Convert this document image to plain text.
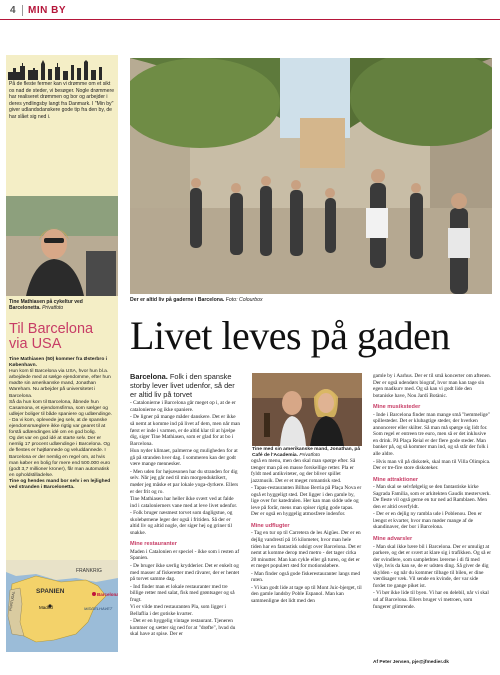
4 MIN BY
På de fleste fermer kan vi drømme om et sikt os nad de steder, vi besøger. Nogle drømmere har realiseret drømmen og bor og arbejder i deres yndlingsby langt fra Danmark. I "Min by" giver udlandsdanskere gode tip fra den by, de har slået sig ned i.
Tine Mathiasen på cykeltur ved Barcelonetta. Privatfoto
Til Barcelona via USA

Tine Mathiasen (50) kommer fra Østerbro i København.

Hun kom til Barcelona via USA, hvor hun bl.a. arbejdede med at sælge ejendomme, efter hun mødte sin amerikanske mand, Jonathan Wareham. Nu arbejder på universitetet i Barcelona.

Så da hun kom til Barcelona, åbnede hun Casamona, et ejendomsfirma, som sælger og udlejer boliger til både spaniere og udlændinge.

- Da vi kom, oplevede jeg selv, at de spanske ejendomsmæglere ikke rigtig var gearet til at forstå udlændinges idé om en god bolig.

Og det var en god idé at starte selv. Der er nemlig 17 procent udlændinge i Barcelona. Og de flestes er højtlønnede og veluddannede. I Barcelona er der nemlig en regel om, at hvis man køber en bolig for mere end 500.000 euro (godt 3,7 millioner kroner), får man automatisk en opholdstilladelse.

Tine og hendes mand bor selv i en lejlighed ved stranden i Barcelonetta.

SPANIEN
FRANKRIG
PORTUGAL	Madrid
Barcelona
MIDDELHAVET
Der er altid liv på gaderne i Barcelona. Foto: Colourbox
Livet leves på gaden

Barcelona. Folk i den spanske storby lever livet udenfor, så der er altid liv på torvet

- Catalonierne i Barcelona går meget op i, at de er catalonierne og ikke spaniere.

- De ligner på mange måder danskere. Det er ikke så nemt at komme ind på livet af dem, men når man først er inde i varmen, er de altid klar til at hjælpe dig, siger Tine Mathiasen, som er glad for at bo i Barcelona.

Hun nyder klimaet, palmerne og muligheden for at gå på stranden hver dag. I sommeren kan der godt være mange mennesker.

- Men uden for højsæsonen har du stranden for dig selv. Når jeg går ned til min morgenduktikert, møder jeg måske et par lokale yoga-dyrkere. Ellers er der frit og ro.

Tine Mathiasen har heller ikke svært ved at falde ind i catalonierners vane med at leve livet udenfor.

- Folk bruger næsmest torvet som dagligstue, og skolebørnene leger der også i fritiden. Så der er altid liv og altid nogle, der siger hej og griner til snakke.

Mine restauranter

Maden i Catalonien er speciel - ikke som i resten af Spanien.

- De bruger ikke særlig krydderier. Det er enkelt og med masser af fiskeretter med råvarer, der er hentet på torvet samme dag.

- Ind finder man et lokale restauranter med tre billige retter med salat, fisk med grøntsager og så frugt.

Vi er vilde med restauranten Pla, som ligger i Bellaflia i det gotiske kvarter.

- Det er en hyggelig vintage restaurant. Tjeneren kommer og sætter sig ned for at "drøfte", hvad du skal have at spise. Der er

Tine med sin amerikanske mand, Jonathan, på Café de l'Academia. Privatfoto

også en menu, men den skal man spørge efter. Så tænger man på en masse forskellige retter. Pla er fyldt med antikviteter, og der bliver spillet jazzmusik. Det er et meget romantisk sted.

- Tapas-restauranten Bilbao Berria på Plaça Nova er også et hyggeligt sted. Det ligger i den gamle by, lige over for katedralen. Her kan man sidde ude og leve på forår, mens man spiser rigtig gode tapas. Der er også en hyggelig atmosfære indenfor.

Mine udflugter

- Tag en tur op til Carretera de les Aigües. Der er en dejlig vandrestí på 16 kilometer, hvor man hele tiden har en fantastisk udsigt over Barcelona. Det er nemt at komme derop med metro - det tager cirka 20 minutter. Man kan cykle eller gå turen, og det er et meget populært sted for motionsløbere.

- Man finder også gode fiskerestauranter langs med ruten.

- Vi kan godt lide at tage op til Mont Juic-bjerget, til den gamle landsby Poble Espanol. Man kan sammenligne det lidt med den

gamle by i Aarhus. Der er til små koncerter om aftenen. Der er også udendørs biograf, hvor man kan tage sin egen madkurv med. Og så kan vi godt lide den botaniske have, Nou Jardí Botànic.

Mine musiksteder

- Inde i Barcelona finder man mange små "hemmelige" spillesteder. Det er klubagtige steder, der hverken annoncerer eller skilter. Så man må spørge sig lidt for. Som regel er entreen tre euro, men så er det inklusive en drink. På Plaça Reial er der flere gode steder. Man banker på, og så kommer man ind, og så står der folk i alle aldre.

- Hvis man vil på diskotek, skal man til Villa Olimpica. Der er tre-fire store diskoteker.

Mine attraktioner

- Man skal se selvfølgelig se den fantastiske kirke Sagrada Família, som er arkitekten Gaudís mesterværk. De fleste vil også gerne en tur ned ad Ramblaen. Men den er altid overfyldt.

- Der er en dejlig ny rambla ude i Poblenou. Den er længst et kvarter, hvor man møder mange af de skandinaver, der bor i Barcelona.

Mine advarsler

- Man skal ikke bære bil i Barcelona. Der er umuligt at parkere, og det er svært at klare sig i trafikken. Og så er der svindlere, som samplethtes lærerne i di få med vilje, hvis da kan se, de er udsten ding. Så giver de dig skylden - og når du kommer tilbage til bilen, er dine værdisager væk. Vil sende en kvinde, der var side fordet tre gange piket ist.

- Vi bør ikke lide til byen. Vi har en delebil, når vi skal ud af Barcelona. Ellers bruger vi metroen, som fungerer glimrende.

Af Peter Jensen, pje@jfmedier.dk
